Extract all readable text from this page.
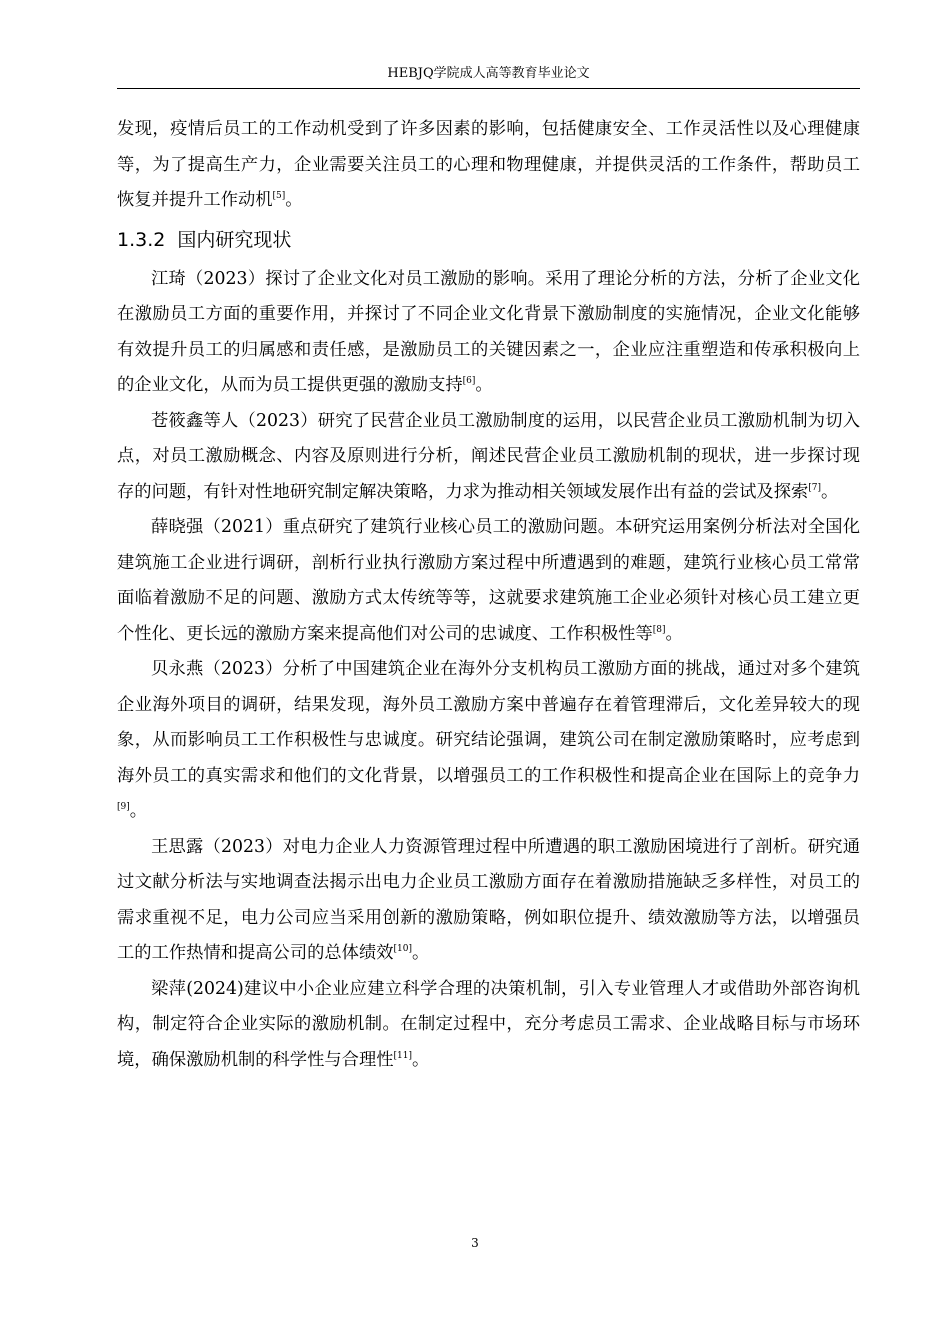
HEBJQ学院成人高等教育毕业论文

发现，疫情后员工的工作动机受到了许多因素的影响，包括健康安全、工作灵活性以及心理健康等，为了提高生产力，企业需要关注员工的心理和物理健康，并提供灵活的工作条件，帮助员工恢复并提升工作动机[5]。

1.3.2 国内研究现状

江琦（2023）探讨了企业文化对员工激励的影响。采用了理论分析的方法，分析了企业文化在激励员工方面的重要作用，并探讨了不同企业文化背景下激励制度的实施情况，企业文化能够有效提升员工的归属感和责任感，是激励员工的关键因素之一，企业应注重塑造和传承积极向上的企业文化，从而为员工提供更强的激励支持[6]。

苍筱鑫等人（2023）研究了民营企业员工激励制度的运用，以民营企业员工激励机制为切入点，对员工激励概念、内容及原则进行分析，阐述民营企业员工激励机制的现状，进一步探讨现存的问题，有针对性地研究制定解决策略，力求为推动相关领域发展作出有益的尝试及探索[7]。

薛晓强（2021）重点研究了建筑行业核心员工的激励问题。本研究运用案例分析法对全国化建筑施工企业进行调研，剖析行业执行激励方案过程中所遭遇到的难题，建筑行业核心员工常常面临着激励不足的问题、激励方式太传统等等，这就要求建筑施工企业必须针对核心员工建立更个性化、更长远的激励方案来提高他们对公司的忠诚度、工作积极性等[8]。

贝永燕（2023）分析了中国建筑企业在海外分支机构员工激励方面的挑战，通过对多个建筑企业海外项目的调研，结果发现，海外员工激励方案中普遍存在着管理滞后，文化差异较大的现象，从而影响员工工作积极性与忠诚度。研究结论强调，建筑公司在制定激励策略时，应考虑到海外员工的真实需求和他们的文化背景，以增强员工的工作积极性和提高企业在国际上的竞争力[9]。

王思露（2023）对电力企业人力资源管理过程中所遭遇的职工激励困境进行了剖析。研究通过文献分析法与实地调查法揭示出电力企业员工激励方面存在着激励措施缺乏多样性，对员工的需求重视不足，电力公司应当采用创新的激励策略，例如职位提升、绩效激励等方法，以增强员工的工作热情和提高公司的总体绩效[10]。

梁萍(2024)建议中小企业应建立科学合理的决策机制，引入专业管理人才或借助外部咨询机构，制定符合企业实际的激励机制。在制定过程中，充分考虑员工需求、企业战略目标与市场环境，确保激励机制的科学性与合理性[11]。

3
